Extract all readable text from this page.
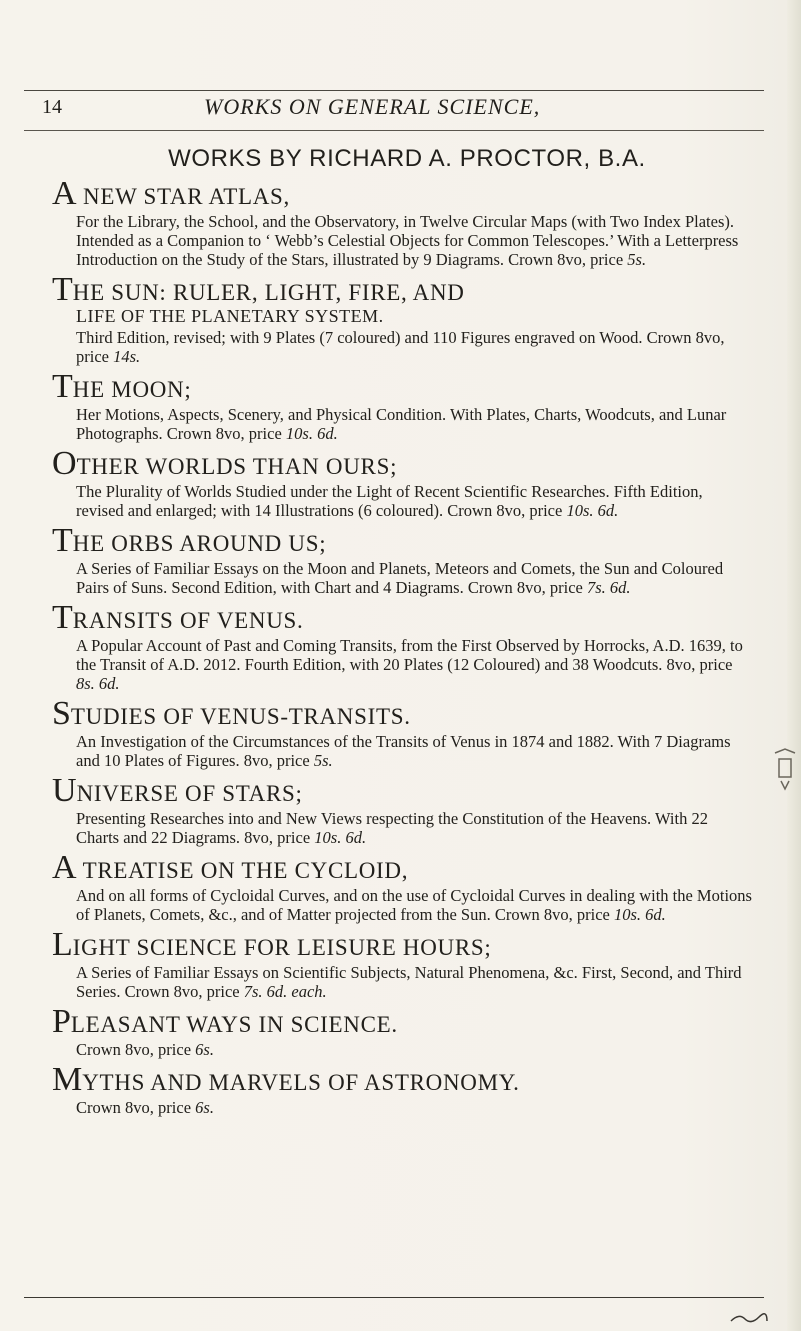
14	WORKS ON GENERAL SCIENCE,
WORKS BY RICHARD A. PROCTOR, B.A.
A NEW STAR ATLAS,
For the Library, the School, and the Observatory, in Twelve Circular Maps (with Two Index Plates). Intended as a Companion to ‘ Webb’s Celestial Objects for Common Telescopes.’ With a Letterpress Introduction on the Study of the Stars, illustrated by 9 Diagrams. Crown 8vo, price 5s.
THE SUN: RULER, LIGHT, FIRE, AND
LIFE OF THE PLANETARY SYSTEM.
Third Edition, revised; with 9 Plates (7 coloured) and 110 Figures engraved on Wood. Crown 8vo, price 14s.
THE MOON;
Her Motions, Aspects, Scenery, and Physical Condition. With Plates, Charts, Woodcuts, and Lunar Photographs. Crown 8vo, price 10s. 6d.
OTHER WORLDS THAN OURS;
The Plurality of Worlds Studied under the Light of Recent Scientific Researches. Fifth Edition, revised and enlarged; with 14 Illustrations (6 coloured). Crown 8vo, price 10s. 6d.
THE ORBS AROUND US;
A Series of Familiar Essays on the Moon and Planets, Meteors and Comets, the Sun and Coloured Pairs of Suns. Second Edition, with Chart and 4 Diagrams. Crown 8vo, price 7s. 6d.
TRANSITS OF VENUS.
A Popular Account of Past and Coming Transits, from the First Observed by Horrocks, A.D. 1639, to the Transit of A.D. 2012. Fourth Edition, with 20 Plates (12 Coloured) and 38 Woodcuts. 8vo, price 8s. 6d.
STUDIES OF VENUS-TRANSITS.
An Investigation of the Circumstances of the Transits of Venus in 1874 and 1882. With 7 Diagrams and 10 Plates of Figures. 8vo, price 5s.
UNIVERSE OF STARS;
Presenting Researches into and New Views respecting the Constitution of the Heavens. With 22 Charts and 22 Diagrams. 8vo, price 10s. 6d.
A TREATISE ON THE CYCLOID,
And on all forms of Cycloidal Curves, and on the use of Cycloidal Curves in dealing with the Motions of Planets, Comets, &c., and of Matter projected from the Sun. Crown 8vo, price 10s. 6d.
LIGHT SCIENCE FOR LEISURE HOURS;
A Series of Familiar Essays on Scientific Subjects, Natural Phenomena, &c. First, Second, and Third Series. Crown 8vo, price 7s. 6d. each.
PLEASANT WAYS IN SCIENCE.
Crown 8vo, price 6s.
MYTHS AND MARVELS OF ASTRONOMY.
Crown 8vo, price 6s.
